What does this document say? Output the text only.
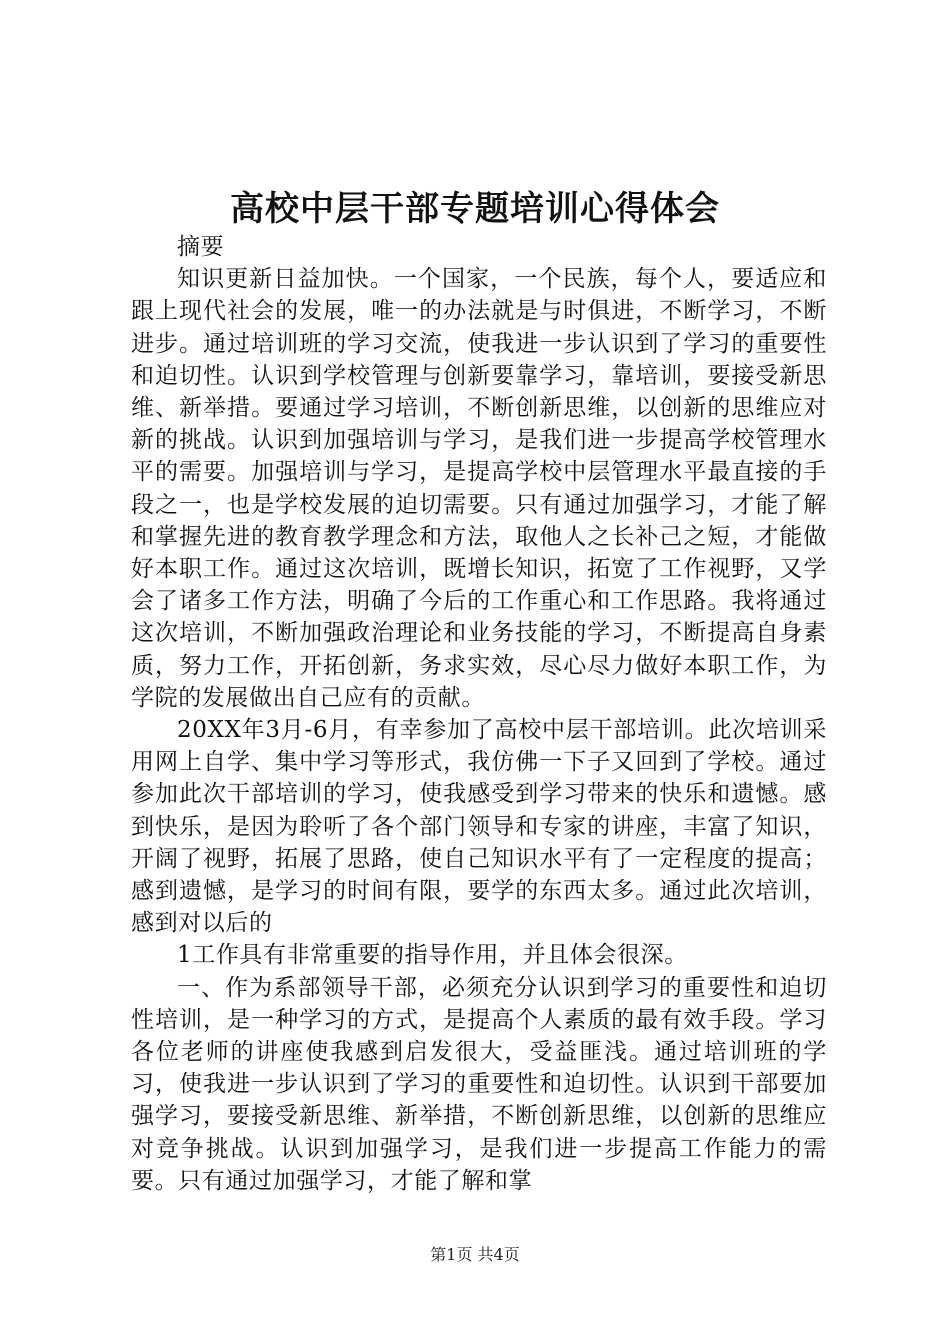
高校中层干部专题培训心得体会

摘要

知识更新日益加快。一个国家，一个民族，每个人，要适应和跟上现代社会的发展，唯一的办法就是与时俱进，不断学习，不断进步。通过培训班的学习交流，使我进一步认识到了学习的重要性和迫切性。认识到学校管理与创新要靠学习，靠培训，要接受新思维、新举措。要通过学习培训，不断创新思维，以创新的思维应对新的挑战。认识到加强培训与学习，是我们进一步提高学校管理水平的需要。加强培训与学习，是提高学校中层管理水平最直接的手段之一，也是学校发展的迫切需要。只有通过加强学习，才能了解和掌握先进的教育教学理念和方法，取他人之长补己之短，才能做好本职工作。通过这次培训，既增长知识，拓宽了工作视野，又学会了诸多工作方法，明确了今后的工作重心和工作思路。我将通过这次培训，不断加强政治理论和业务技能的学习，不断提高自身素质，努力工作，开拓创新，务求实效，尽心尽力做好本职工作，为学院的发展做出自己应有的贡献。

20XX年3月-6月，有幸参加了高校中层干部培训。此次培训采用网上自学、集中学习等形式，我仿佛一下子又回到了学校。通过参加此次干部培训的学习，使我感受到学习带来的快乐和遗憾。感到快乐，是因为聆听了各个部门领导和专家的讲座，丰富了知识，开阔了视野，拓展了思路，使自己知识水平有了一定程度的提高；感到遗憾，是学习的时间有限，要学的东西太多。通过此次培训，感到对以后的

1工作具有非常重要的指导作用，并且体会很深。

一、作为系部领导干部，必须充分认识到学习的重要性和迫切性培训，是一种学习的方式，是提高个人素质的最有效手段。学习各位老师的讲座使我感到启发很大，受益匪浅。通过培训班的学习，使我进一步认识到了学习的重要性和迫切性。认识到干部要加强学习，要接受新思维、新举措，不断创新思维，以创新的思维应对竞争挑战。认识到加强学习，是我们进一步提高工作能力的需要。只有通过加强学习，才能了解和掌

第1页 共4页
